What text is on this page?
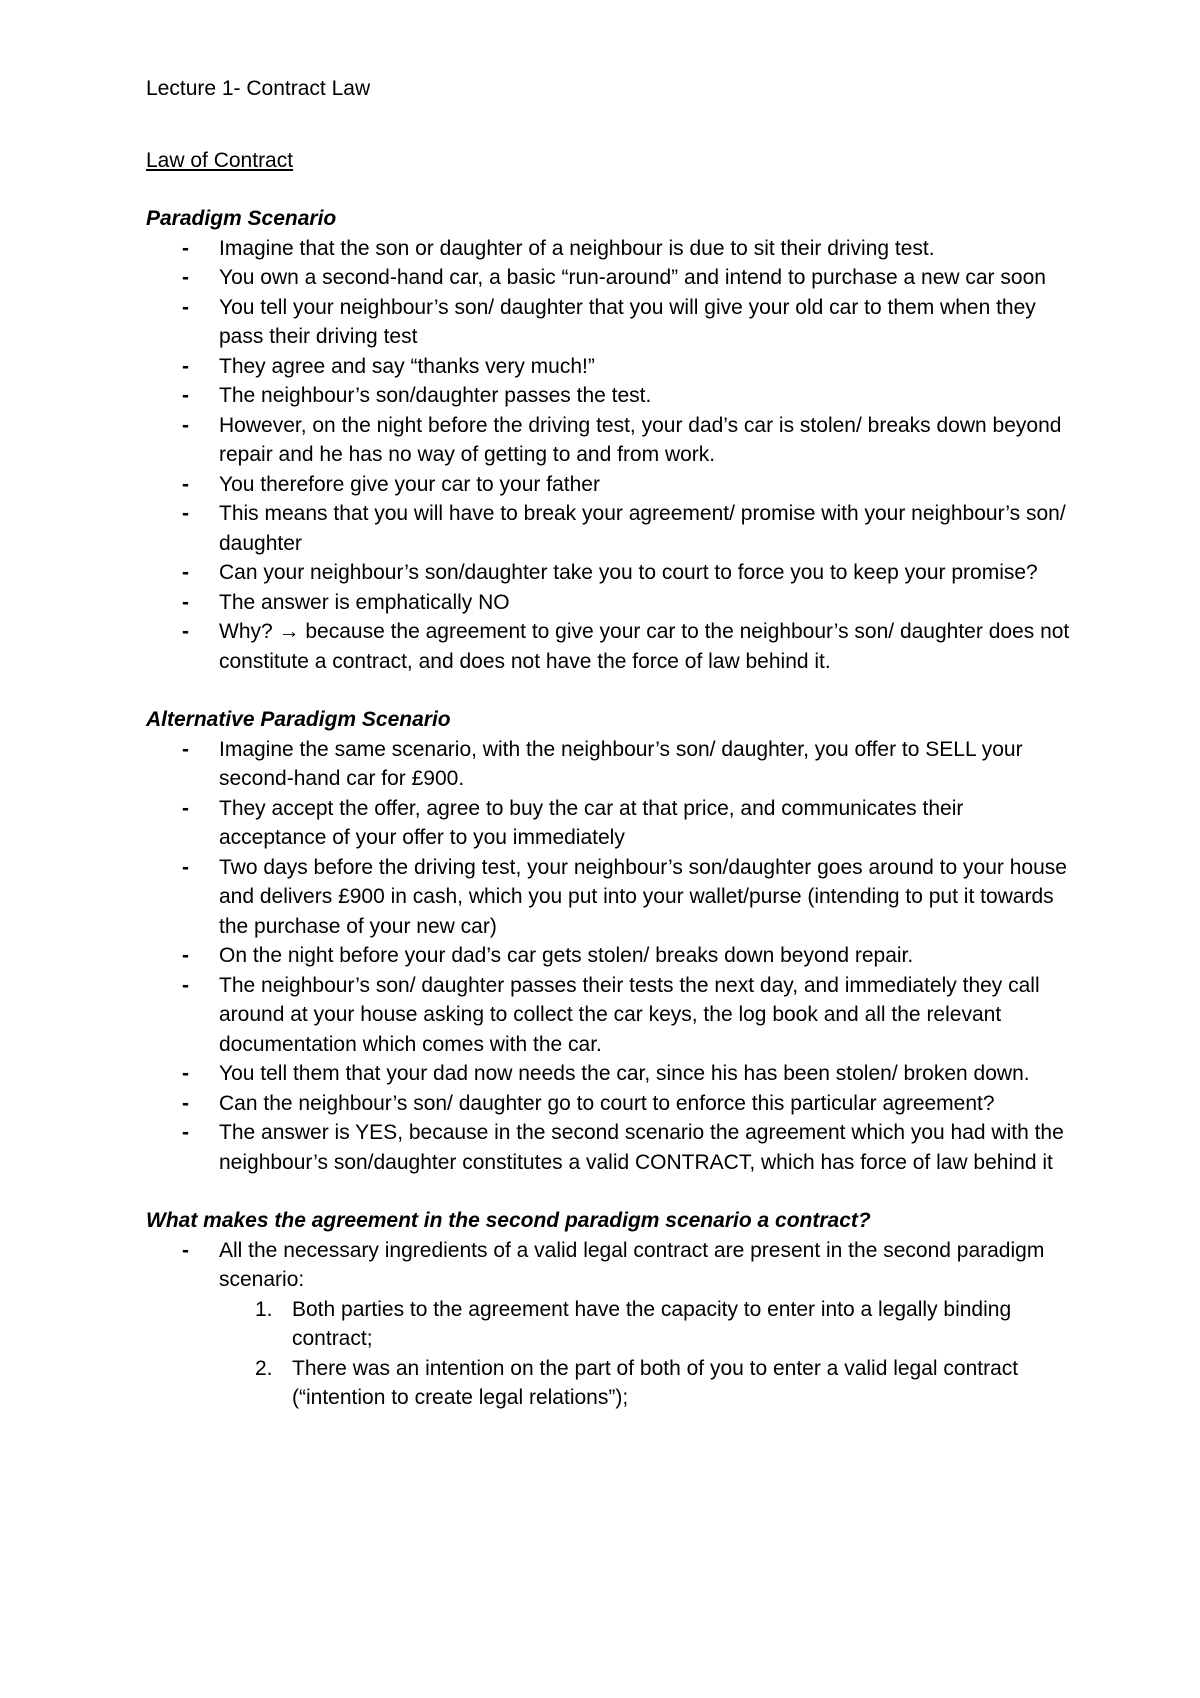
Lecture 1- Contract Law
Law of Contract
Paradigm Scenario
- Imagine that the son or daughter of a neighbour is due to sit their driving test.
- You own a second-hand car, a basic “run-around” and intend to purchase a new car soon
- You tell your neighbour’s son/ daughter that you will give your old car to them when they pass their driving test
- They agree and say “thanks very much!”
- The neighbour’s son/daughter passes the test.
- However, on the night before the driving test, your dad’s car is stolen/ breaks down beyond repair and he has no way of getting to and from work.
- You therefore give your car to your father
- This means that you will have to break your agreement/ promise with your neighbour’s son/ daughter
- Can your neighbour’s son/daughter take you to court to force you to keep your promise?
- The answer is emphatically NO
- Why? → because the agreement to give your car to the neighbour’s son/ daughter does not constitute a contract, and does not have the force of law behind it.
Alternative Paradigm Scenario
- Imagine the same scenario, with the neighbour’s son/ daughter, you offer to SELL your second-hand car for £900.
- They accept the offer, agree to buy the car at that price, and communicates their acceptance of your offer to you immediately
- Two days before the driving test, your neighbour’s son/daughter goes around to your house and delivers £900 in cash, which you put into your wallet/purse (intending to put it towards the purchase of your new car)
- On the night before your dad’s car gets stolen/ breaks down beyond repair.
- The neighbour’s son/ daughter passes their tests the next day, and immediately they call around at your house asking to collect the car keys, the log book and all the relevant documentation which comes with the car.
- You tell them that your dad now needs the car, since his has been stolen/ broken down.
- Can the neighbour’s son/ daughter go to court to enforce this particular agreement?
- The answer is YES, because in the second scenario the agreement which you had with the neighbour’s son/daughter constitutes a valid CONTRACT, which has force of law behind it
What makes the agreement in the second paradigm scenario a contract?
- All the necessary ingredients of a valid legal contract are present in the second paradigm scenario:
1. Both parties to the agreement have the capacity to enter into a legally binding contract;
2. There was an intention on the part of both of you to enter a valid legal contract (“intention to create legal relations”);
